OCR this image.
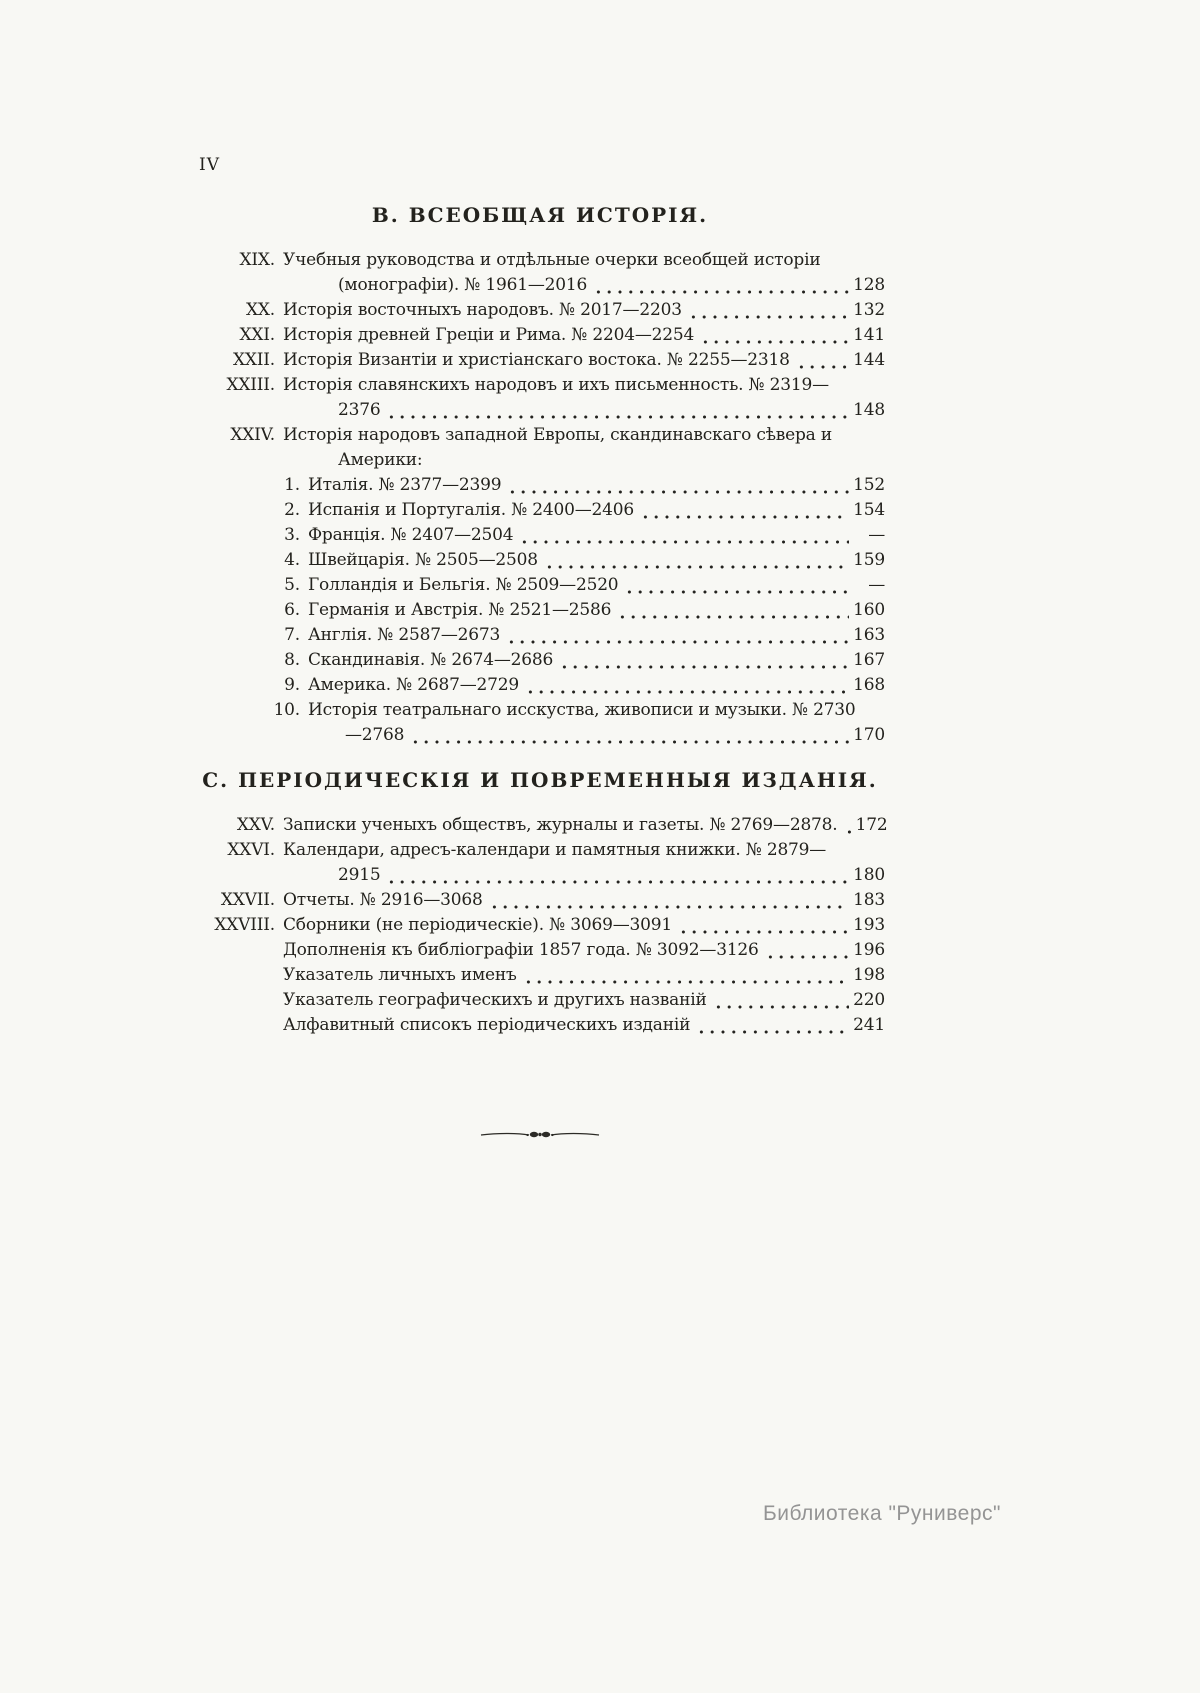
IV
В. ВСЕОБЩАЯ ИСТОРІЯ.
XIX. Учебныя руководства и отдѣльные очерки всеобщей исторіи
(монографіи). № 1961—2016	128
XX. Исторія восточныхъ народовъ. № 2017—2203	132
XXI. Исторія древней Греціи и Рима. № 2204—2254	141
XXII. Исторія Византіи и христіанскаго востока. № 2255—2318	144
XXIII. Исторія славянскихъ народовъ и ихъ письменность. № 2319—
2376	148
XXIV. Исторія народовъ западной Европы, скандинавскаго сѣвера и
Америки:
1. Италія. № 2377—2399	152
2. Испанія и Португалія. № 2400—2406	154
3. Франція. № 2407—2504	—
4. Швейцарія. № 2505—2508	159
5. Голландія и Бельгія. № 2509—2520	—
6. Германія и Австрія. № 2521—2586	160
7. Англія. № 2587—2673	163
8. Скандинавія. № 2674—2686	167
9. Америка. № 2687—2729	168
10. Исторія театральнаго исскуства, живописи и музыки. № 2730
—2768	170
С. ПЕРІОДИЧЕСКІЯ И ПОВРЕМЕННЫЯ ИЗДАНІЯ.
XXV. Записки ученыхъ обществъ, журналы и газеты. № 2769—2878. 172
XXVI. Календари, адресъ-календари и памятныя книжки. № 2879—
2915	180
XXVII. Отчеты. № 2916—3068	183
XXVIII. Сборники (не періодическіе). № 3069—3091	193
Дополненія къ библіографіи 1857 года. № 3092—3126	196
Указатель личныхъ именъ	198
Указатель географическихъ и другихъ названій	220
Алфавитный списокъ періодическихъ изданій	241
Библиотека "Руниверс"
